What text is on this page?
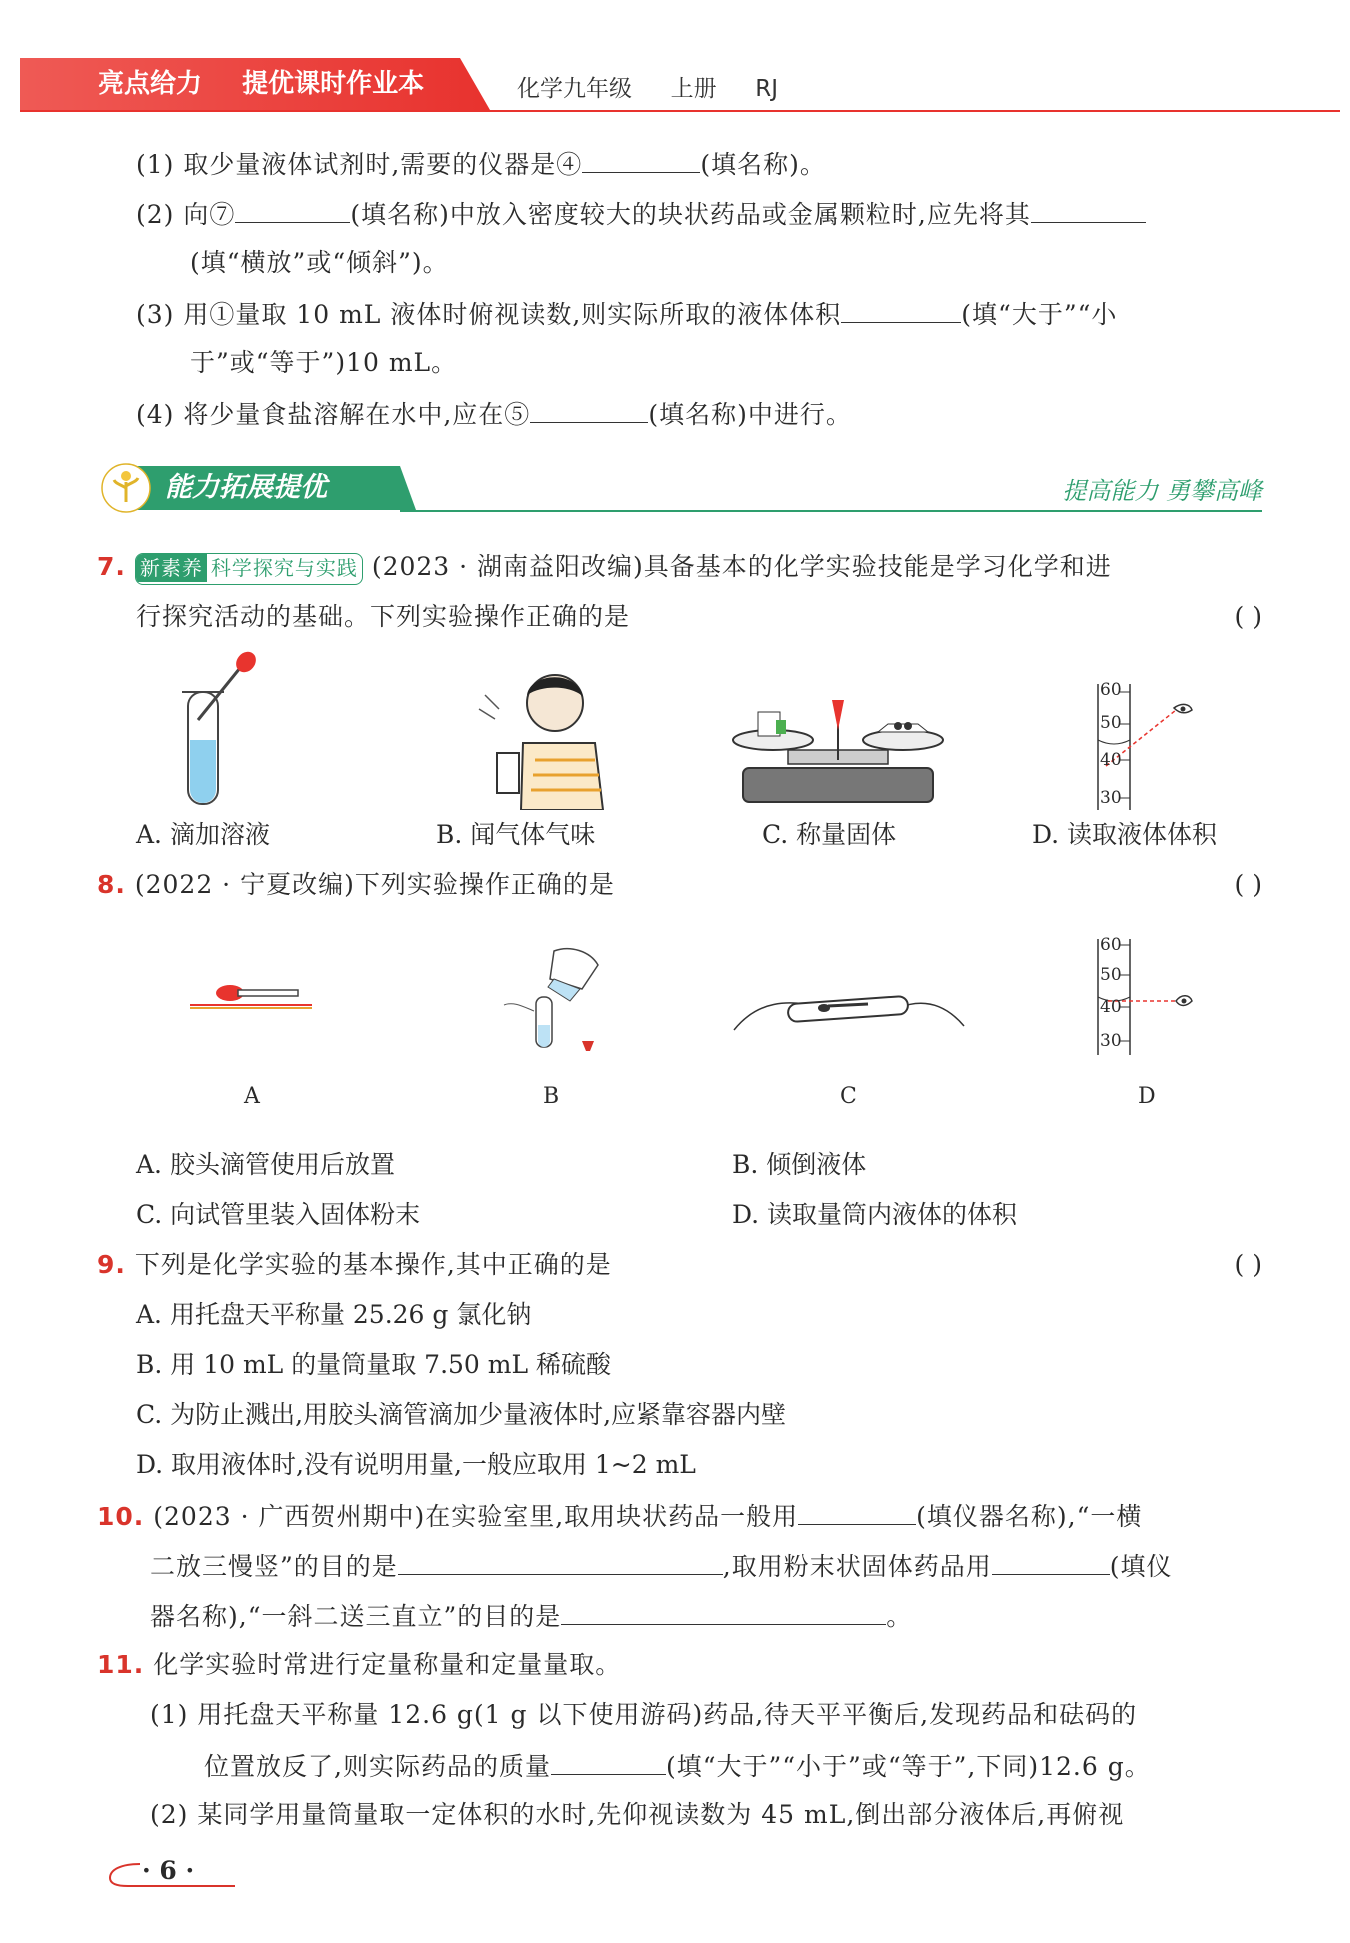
亮点给力 提优课时作业本	化学九年级 上册 RJ
(1) 取少量液体试剂时,需要的仪器是④	(填名称)。
(2) 向⑦	(填名称)中放入密度较大的块状药品或金属颗粒时,应先将其
(填“横放”或“倾斜”)。
(3) 用①量取 10 mL 液体时俯视读数,则实际所取的液体体积	(填“大于”“小
于”或“等于”)10 mL。
(4) 将少量食盐溶解在水中,应在⑤	(填名称)中进行。
能力拓展提优	提高能力 勇攀高峰
7. 新素养 科学探究与实践 (2023 · 湖南益阳改编)具备基本的化学实验技能是学习化学和进
行探究活动的基础。下列实验操作正确的是	( )
60
50
40
30
A. 滴加溶液	B. 闻气体气味	C. 称量固体	D. 读取液体体积
8. (2022 · 宁夏改编)下列实验操作正确的是	( )
60
50
40
30
A	B	C	D
A. 胶头滴管使用后放置	B. 倾倒液体
C. 向试管里装入固体粉末	D. 读取量筒内液体的体积
9. 下列是化学实验的基本操作,其中正确的是	( )
A. 用托盘天平称量 25.26 g 氯化钠
B. 用 10 mL 的量筒量取 7.50 mL 稀硫酸
C. 为防止溅出,用胶头滴管滴加少量液体时,应紧靠容器内壁
D. 取用液体时,没有说明用量,一般应取用 1~2 mL
10. (2023 · 广西贺州期中)在实验室里,取用块状药品一般用	(填仪器名称),“一横
二放三慢竖”的目的是	,取用粉末状固体药品用	(填仪
器名称),“一斜二送三直立”的目的是	。
11. 化学实验时常进行定量称量和定量量取。
(1) 用托盘天平称量 12.6 g(1 g 以下使用游码)药品,待天平平衡后,发现药品和砝码的
位置放反了,则实际药品的质量	(填“大于”“小于”或“等于”,下同)12.6 g。
(2) 某同学用量筒量取一定体积的水时,先仰视读数为 45 mL,倒出部分液体后,再俯视
· 6 ·
